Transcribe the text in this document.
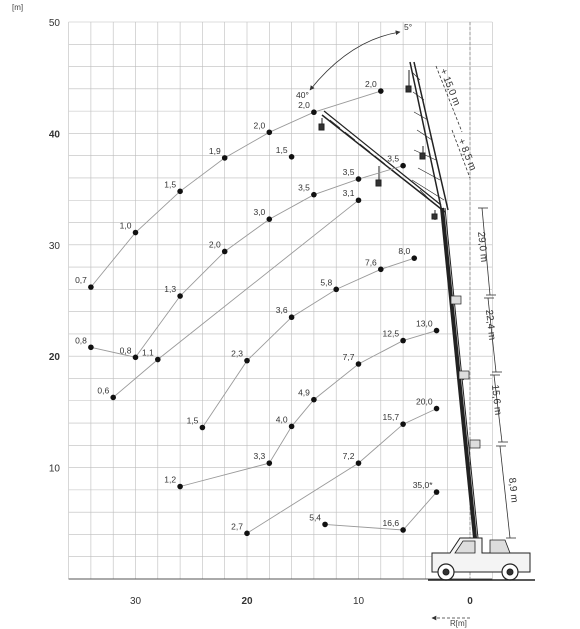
[m]
R[m]
50
40
30
20
10
30	20	10	0
5°
40°	+ 15,0 m
+ 8,5 m
29,0 m
22,4 m
15,6 m
8,9 m
0,7
1,0
1,5
1,9
2,0
2,0
2,0
0,8
0,8
1,3
2,0
3,0
3,5
3,5
3,5
0,6
1,1
3,1
1,5
1,5
2,3
3,6
5,8
7,6
8,0
1,2
3,3
4,0
4,9
7,7
12,5
13,0
2,7
7,2
15,7
20,0
5,4
16,6
35,0*
